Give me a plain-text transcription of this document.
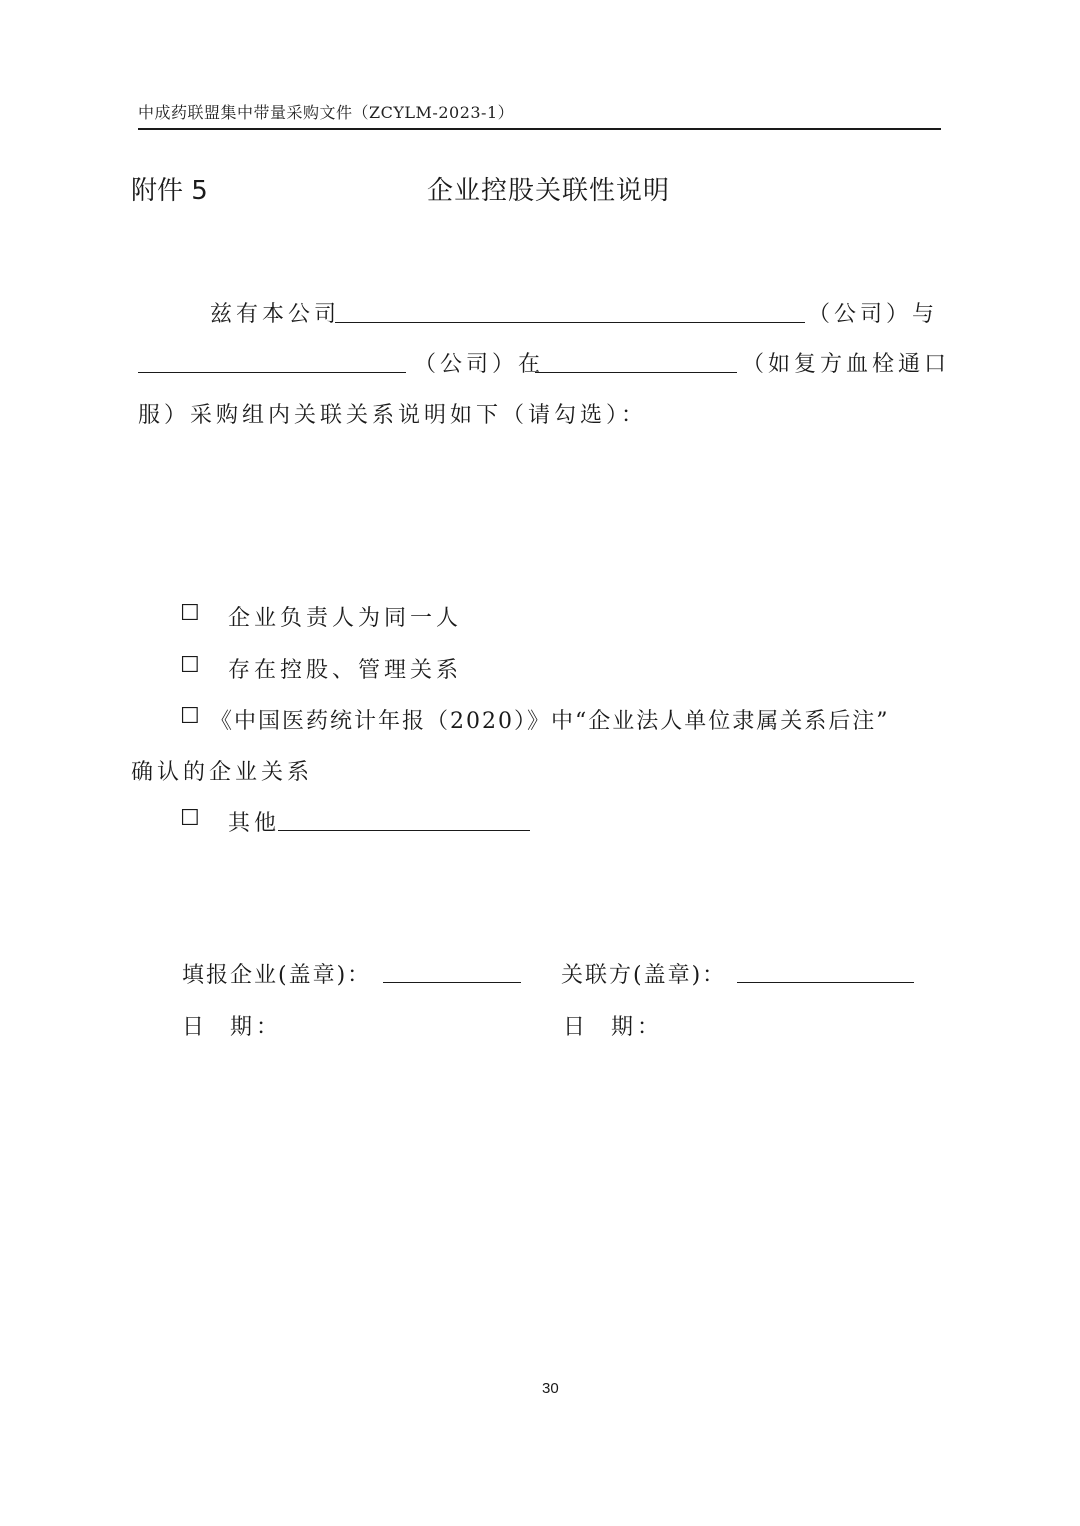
中成药联盟集中带量采购文件（ZCYLM-2023-1）
附件 5	企业控股关联性说明
兹有本公司	（公司）与
（公司）在	（如复方血栓通口
服）采购组内关联关系说明如下（请勾选）：
☐ 企业负责人为同一人
☐ 存在控股、管理关系
☐ 《中国医药统计年报（2020）》中“企业法人单位隶属关系后注”
确认的企业关系
☐ 其他
填报企业(盖章)：	关联方(盖章)：
日  期：	日  期：
30
